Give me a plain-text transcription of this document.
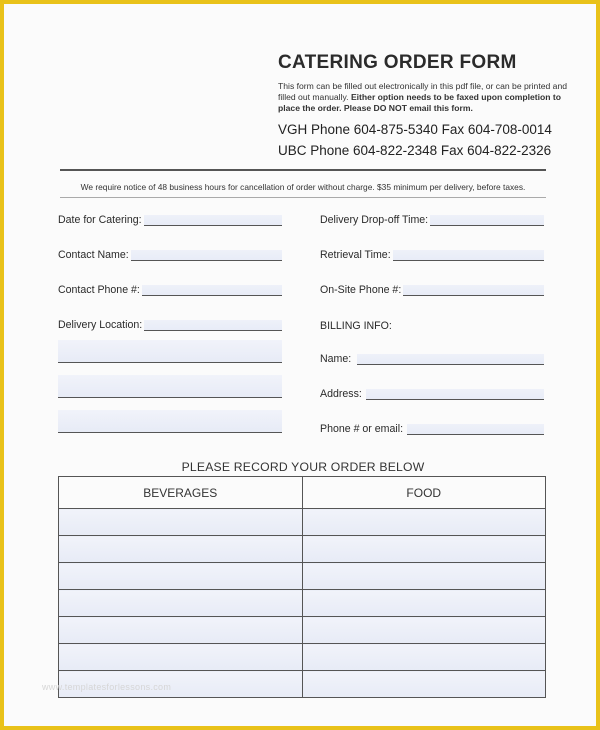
CATERING ORDER FORM
This form can be filled out electronically in this pdf file, or can be printed and filled out manually. Either option needs to be faxed upon completion to place the order. Please DO NOT email this form.
VGH Phone 604-875-5340 Fax 604-708-0014
UBC Phone 604-822-2348 Fax 604-822-2326
We require notice of 48 business hours for cancellation of order without charge. $35 minimum per delivery, before taxes.
Date for Catering:
Contact Name:
Contact Phone #:
Delivery Location:
Delivery Drop-off Time:
Retrieval Time:
On-Site Phone #:
BILLING INFO:
Name:
Address:
Phone # or email:
PLEASE RECORD YOUR ORDER BELOW
BEVERAGES	FOOD

www.templatesforlessons.com
